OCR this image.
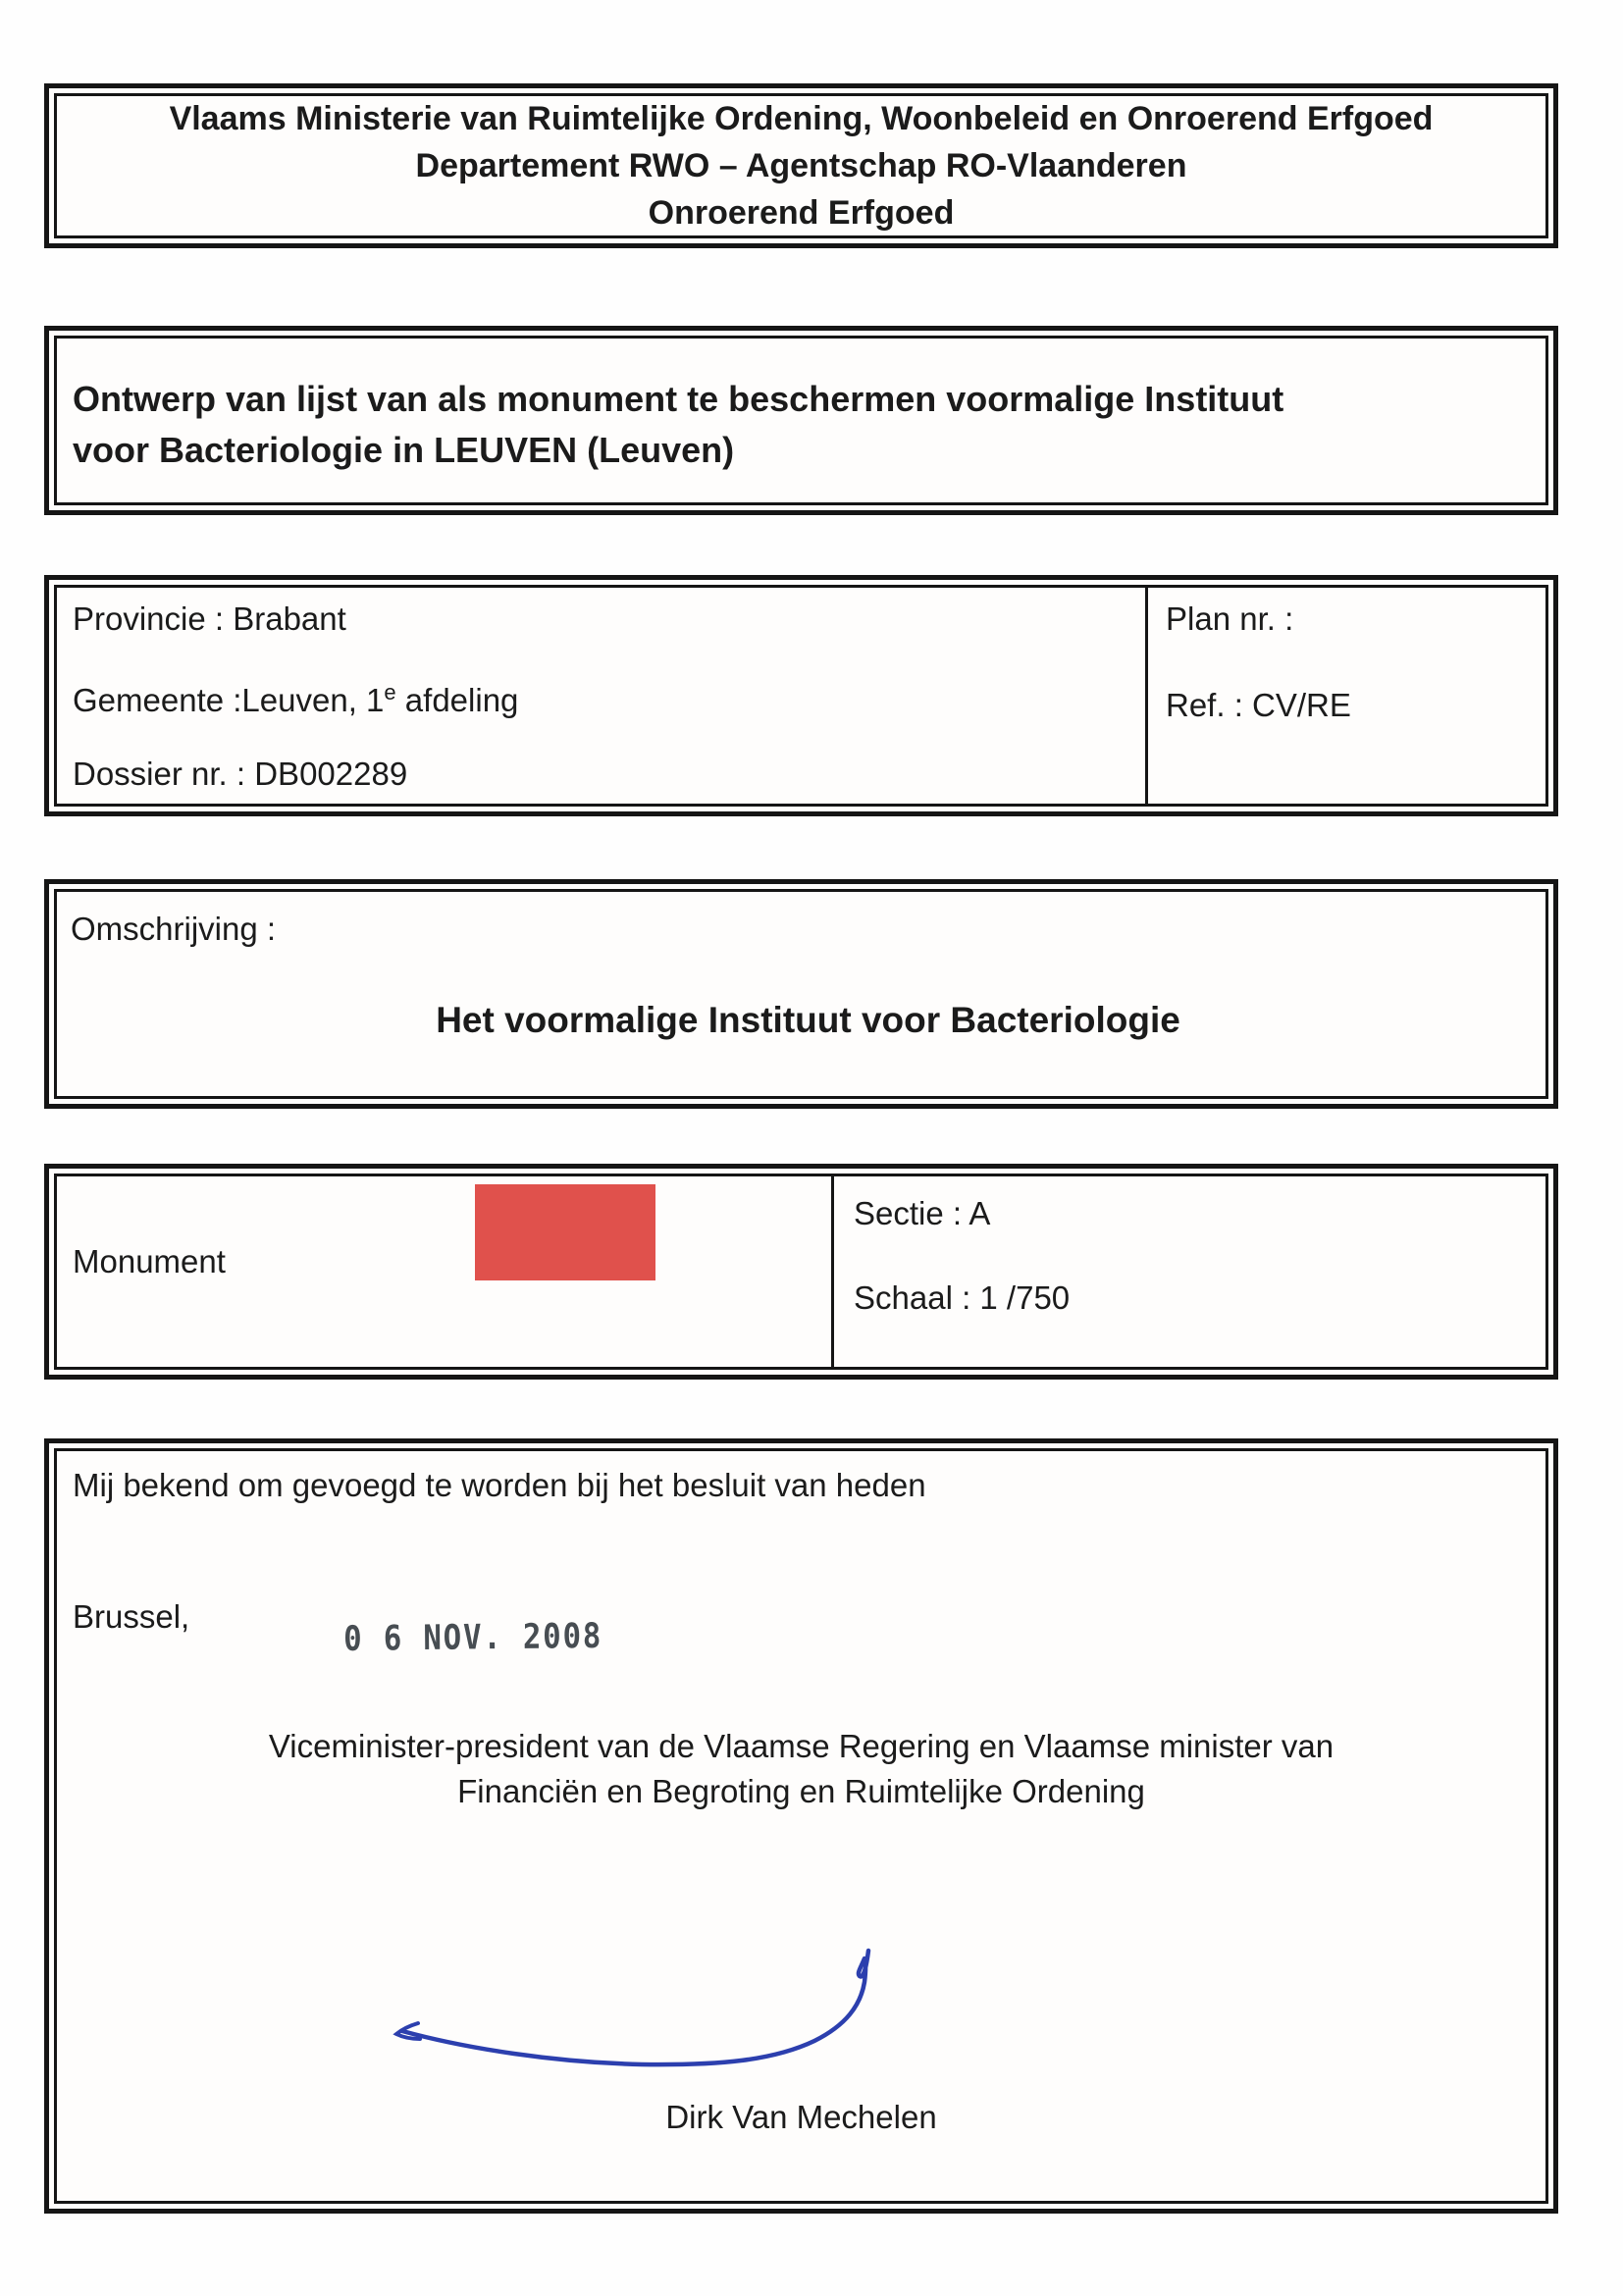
Vlaams Ministerie van Ruimtelijke Ordening, Woonbeleid en Onroerend Erfgoed
Departement RWO – Agentschap RO-Vlaanderen
Onroerend Erfgoed
Ontwerp van lijst van als monument te beschermen voormalige Instituut
voor Bacteriologie in LEUVEN (Leuven)
Provincie : Brabant
Gemeente :Leuven, 1e afdeling
Dossier nr. : DB002289
Plan nr. :
Ref. : CV/RE
Omschrijving :
Het voormalige Instituut voor Bacteriologie
Monument
Sectie : A
Schaal : 1 /750
Mij bekend om gevoegd te worden bij het besluit van heden
Brussel,
0 6 NOV. 2008
Viceminister-president van de Vlaamse Regering en Vlaamse minister van
Financiën en Begroting en Ruimtelijke Ordening
Dirk Van Mechelen
